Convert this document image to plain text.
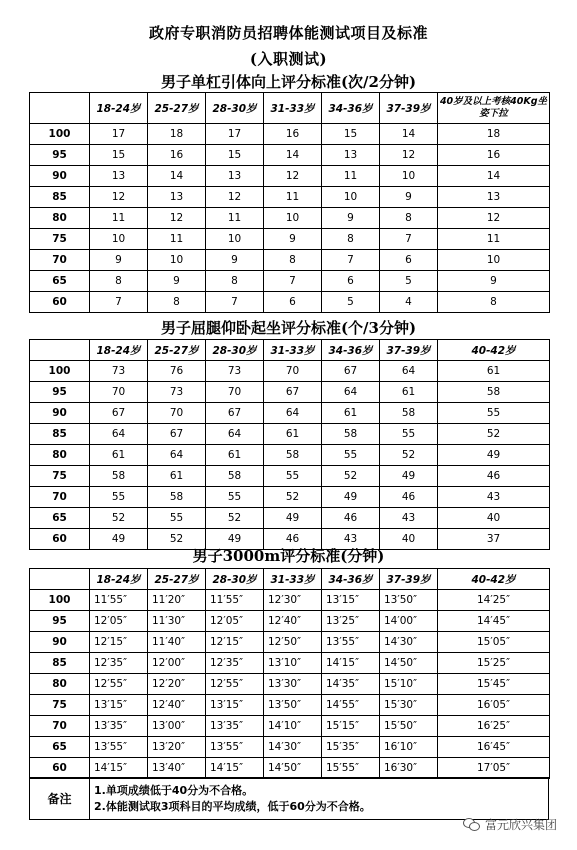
政府专职消防员招聘体能测试项目及标准
(入职测试)
男子单杠引体向上评分标准(次/2分钟)
	18-24岁	25-27岁	28-30岁	31-33岁	34-36岁	37-39岁	40岁及以上考核40Kg坐姿下拉
100	17	18	17	16	15	14	18
95	15	16	15	14	13	12	16
90	13	14	13	12	11	10	14
85	12	13	12	11	10	9	13
80	11	12	11	10	9	8	12
75	10	11	10	9	8	7	11
70	9	10	9	8	7	6	10
65	8	9	8	7	6	5	9
60	7	8	7	6	5	4	8
男子屈腿仰卧起坐评分标准(个/3分钟)
	18-24岁	25-27岁	28-30岁	31-33岁	34-36岁	37-39岁	40-42岁
100	73	76	73	70	67	64	61
95	70	73	70	67	64	61	58
90	67	70	67	64	61	58	55
85	64	67	64	61	58	55	52
80	61	64	61	58	55	52	49
75	58	61	58	55	52	49	46
70	55	58	55	52	49	46	43
65	52	55	52	49	46	43	40
60	49	52	49	46	43	40	37
男子3000m评分标准(分钟)
	18-24岁	25-27岁	28-30岁	31-33岁	34-36岁	37-39岁	40-42岁
100	11′55″	11′20″	11′55″	12′30″	13′15″	13′50″	14′25″
95	12′05″	11′30″	12′05″	12′40″	13′25″	14′00″	14′45″
90	12′15″	11′40″	12′15″	12′50″	13′55″	14′30″	15′05″
85	12′35″	12′00″	12′35″	13′10″	14′15″	14′50″	15′25″
80	12′55″	12′20″	12′55″	13′30″	14′35″	15′10″	15′45″
75	13′15″	12′40″	13′15″	13′50″	14′55″	15′30″	16′05″
70	13′35″	13′00″	13′35″	14′10″	15′15″	15′50″	16′25″
65	13′55″	13′20″	13′55″	14′30″	15′35″	16′10″	16′45″
60	14′15″	13′40″	14′15″	14′50″	15′55″	16′30″	17′05″
备注	
1.单项成绩低于40分为不合格。
2.体能测试取3项科目的平均成绩，低于60分为不合格。
富元欣兴集团
